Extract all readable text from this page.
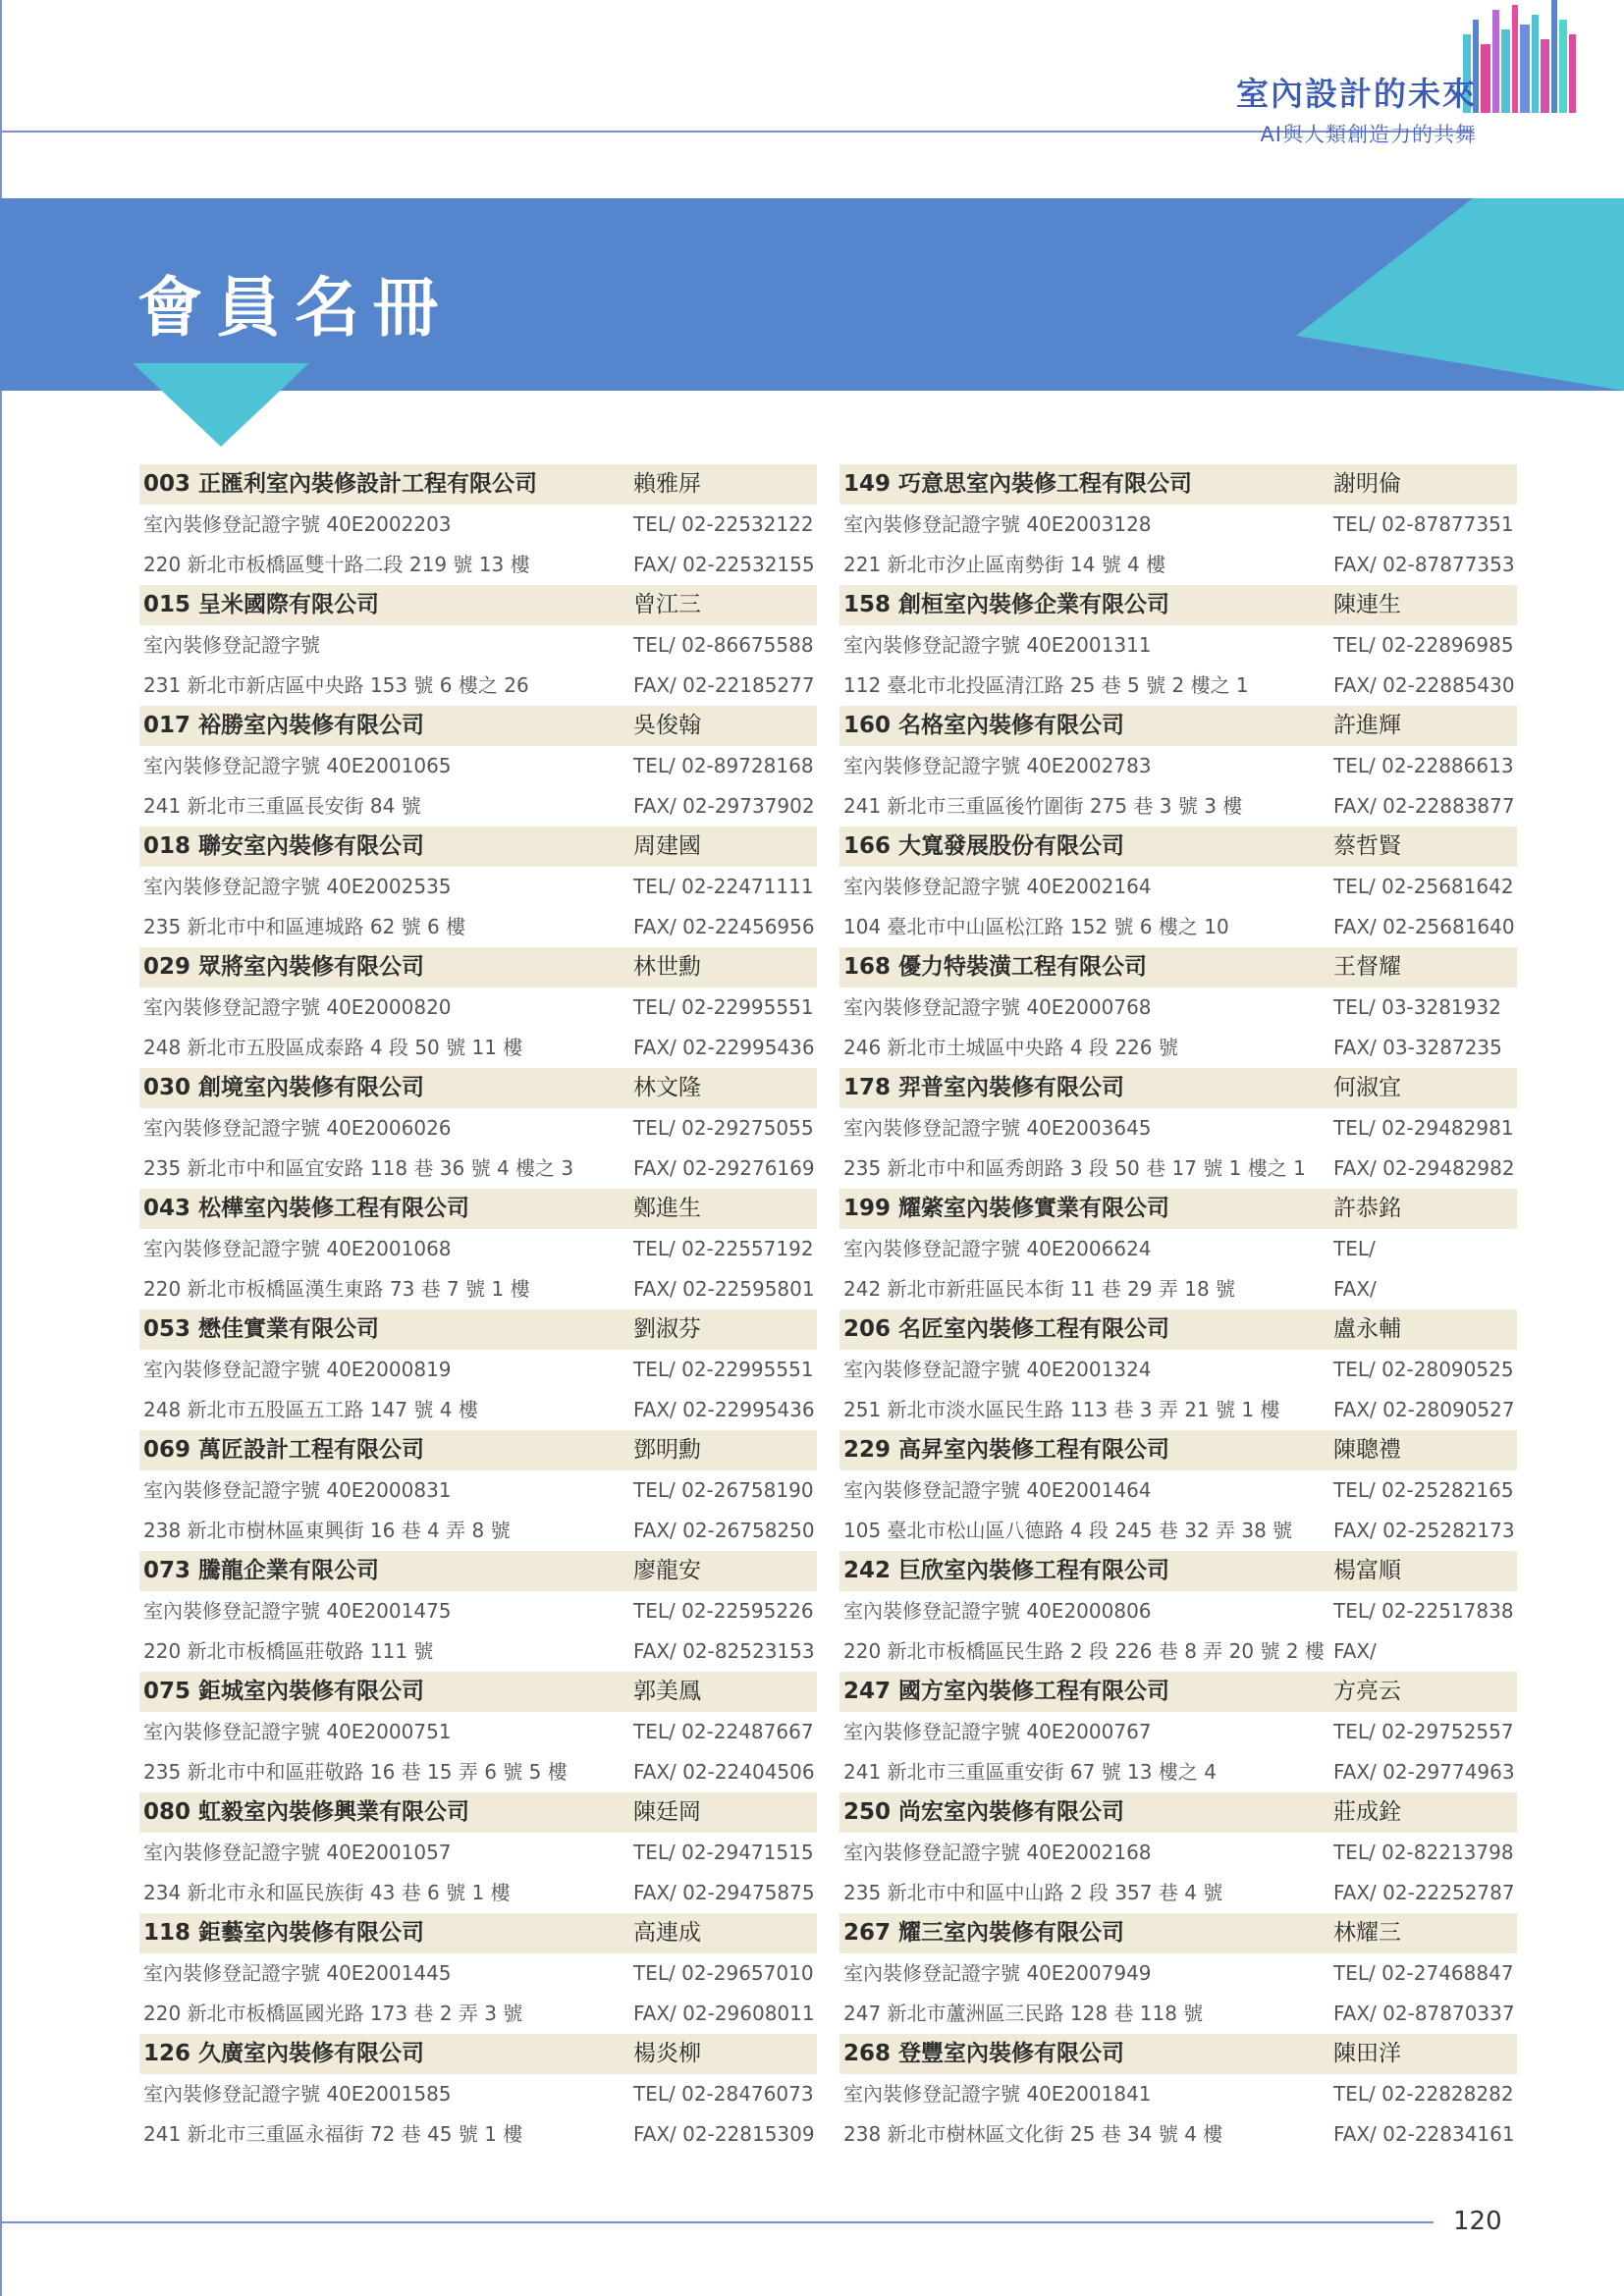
室內設計的未來
AI與人類創造力的共舞
會員名冊
003 正匯利室內裝修設計工程有限公司	賴雅屏
室內裝修登記證字號 40E2002203	TEL/ 02-22532122
220 新北市板橋區雙十路二段 219 號 13 樓	FAX/ 02-22532155
015 呈米國際有限公司	曾江三
室內裝修登記證字號	TEL/ 02-86675588
231 新北市新店區中央路 153 號 6 樓之 26	FAX/ 02-22185277
017 裕勝室內裝修有限公司	吳俊翰
室內裝修登記證字號 40E2001065	TEL/ 02-89728168
241 新北市三重區長安街 84 號	FAX/ 02-29737902
018 聯安室內裝修有限公司	周建國
室內裝修登記證字號 40E2002535	TEL/ 02-22471111
235 新北市中和區連城路 62 號 6 樓	FAX/ 02-22456956
029 眾將室內裝修有限公司	林世勳
室內裝修登記證字號 40E2000820	TEL/ 02-22995551
248 新北市五股區成泰路 4 段 50 號 11 樓	FAX/ 02-22995436
030 創境室內裝修有限公司	林文隆
室內裝修登記證字號 40E2006026	TEL/ 02-29275055
235 新北市中和區宜安路 118 巷 36 號 4 樓之 3	FAX/ 02-29276169
043 松樺室內裝修工程有限公司	鄭進生
室內裝修登記證字號 40E2001068	TEL/ 02-22557192
220 新北市板橋區漢生東路 73 巷 7 號 1 樓	FAX/ 02-22595801
053 懋佳實業有限公司	劉淑芬
室內裝修登記證字號 40E2000819	TEL/ 02-22995551
248 新北市五股區五工路 147 號 4 樓	FAX/ 02-22995436
069 萬匠設計工程有限公司	鄧明勳
室內裝修登記證字號 40E2000831	TEL/ 02-26758190
238 新北市樹林區東興街 16 巷 4 弄 8 號	FAX/ 02-26758250
073 騰龍企業有限公司	廖龍安
室內裝修登記證字號 40E2001475	TEL/ 02-22595226
220 新北市板橋區莊敬路 111 號	FAX/ 02-82523153
075 鉅城室內裝修有限公司	郭美鳳
室內裝修登記證字號 40E2000751	TEL/ 02-22487667
235 新北市中和區莊敬路 16 巷 15 弄 6 號 5 樓	FAX/ 02-22404506
080 虹毅室內裝修興業有限公司	陳廷岡
室內裝修登記證字號 40E2001057	TEL/ 02-29471515
234 新北市永和區民族街 43 巷 6 號 1 樓	FAX/ 02-29475875
118 鉅藝室內裝修有限公司	高連成
室內裝修登記證字號 40E2001445	TEL/ 02-29657010
220 新北市板橋區國光路 173 巷 2 弄 3 號	FAX/ 02-29608011
126 久廣室內裝修有限公司	楊炎柳
室內裝修登記證字號 40E2001585	TEL/ 02-28476073
241 新北市三重區永福街 72 巷 45 號 1 樓	FAX/ 02-22815309
149 巧意思室內裝修工程有限公司	謝明倫
室內裝修登記證字號 40E2003128	TEL/ 02-87877351
221 新北市汐止區南勢街 14 號 4 樓	FAX/ 02-87877353
158 創桓室內裝修企業有限公司	陳連生
室內裝修登記證字號 40E2001311	TEL/ 02-22896985
112 臺北市北投區清江路 25 巷 5 號 2 樓之 1	FAX/ 02-22885430
160 名格室內裝修有限公司	許進輝
室內裝修登記證字號 40E2002783	TEL/ 02-22886613
241 新北市三重區後竹圍街 275 巷 3 號 3 樓	FAX/ 02-22883877
166 大寬發展股份有限公司	蔡哲賢
室內裝修登記證字號 40E2002164	TEL/ 02-25681642
104 臺北市中山區松江路 152 號 6 樓之 10	FAX/ 02-25681640
168 優力特裝潢工程有限公司	王督耀
室內裝修登記證字號 40E2000768	TEL/ 03-3281932
246 新北市土城區中央路 4 段 226 號	FAX/ 03-3287235
178 羿普室內裝修有限公司	何淑宜
室內裝修登記證字號 40E2003645	TEL/ 02-29482981
235 新北市中和區秀朗路 3 段 50 巷 17 號 1 樓之 1 FAX/ 02-29482982
199 耀綮室內裝修實業有限公司	許恭銘
室內裝修登記證字號 40E2006624	TEL/
242 新北市新莊區民本街 11 巷 29 弄 18 號	FAX/
206 名匠室內裝修工程有限公司	盧永輔
室內裝修登記證字號 40E2001324	TEL/ 02-28090525
251 新北市淡水區民生路 113 巷 3 弄 21 號 1 樓	FAX/ 02-28090527
229 高昇室內裝修工程有限公司	陳聰禮
室內裝修登記證字號 40E2001464	TEL/ 02-25282165
105 臺北市松山區八德路 4 段 245 巷 32 弄 38 號 FAX/ 02-25282173
242 巨欣室內裝修工程有限公司	楊富順
室內裝修登記證字號 40E2000806	TEL/ 02-22517838
220 新北市板橋區民生路 2 段 226 巷 8 弄 20 號 2 樓 FAX/
247 國方室內裝修工程有限公司	方亮云
室內裝修登記證字號 40E2000767	TEL/ 02-29752557
241 新北市三重區重安街 67 號 13 樓之 4	FAX/ 02-29774963
250 尚宏室內裝修有限公司	莊成銓
室內裝修登記證字號 40E2002168	TEL/ 02-82213798
235 新北市中和區中山路 2 段 357 巷 4 號	FAX/ 02-22252787
267 耀三室內裝修有限公司	林耀三
室內裝修登記證字號 40E2007949	TEL/ 02-27468847
247 新北市蘆洲區三民路 128 巷 118 號	FAX/ 02-87870337
268 登豐室內裝修有限公司	陳田洋
室內裝修登記證字號 40E2001841	TEL/ 02-22828282
238 新北市樹林區文化街 25 巷 34 號 4 樓	FAX/ 02-22834161
120
